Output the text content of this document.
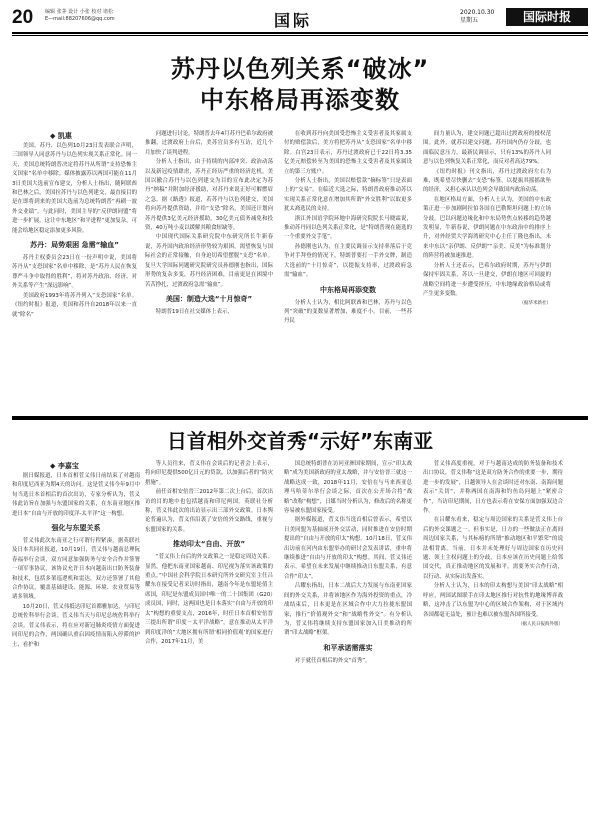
20 编辑 张茅 设计 小张 校对 诸松
E—mail:88207606@qq.com	国际	2020.10.30
星期五	国际时报
苏丹以色列关系“破冰”
中东格局再添变数

◆ 凯惠

美国、苏丹、以色列10月23日发表联合声明，三国领导人同意苏丹与以色列实现关系正常化。同一天，美国总统特朗普决定将苏丹从所谓“支持恐怖主义国家”名单中移除。媒体披露苏以两国可能在11月3日美国大选前宣布建交，分析人士指出，随阿联酋和巴林之后，美国拉苏丹与以色列建交，最直接目的是在即将到来的美国大选前为总统特朗普“再刷一波外交业绩”。与此同时，美国主导的“反伊朗同盟”将进一步扩展，这让中东地区“和平进程”更加复杂，可能会给地区稳定添加更多风险。

苏丹：局势艰困 急需“输血”

苏丹主权委员会23日在一份声明中说，美国将苏丹从“支恐国家”名单中移除，是“苏丹人民在恢复尊严斗争中取得的胜利”，将对苏丹政治、经济、对外关系等产生“深远影响”。

美国政府1993年将苏丹列入“支恐国家”名单。《纽约时报》报道，美国和苏丹自2018年以来一直就“除名”

问题进行讨论。特朗普去年4月苏丹巴希尔政府被推翻，过渡政府上台后，美苏官员多有互访，近几个月加快了谈判进程。

分析人士指出，由于持续的内部冲突、政治动荡以及新冠疫情肆虐，苏丹正经历严重的经济危机。美国以撤合苏丹与以色列建交为目的宣布此决定为苏丹“纳稿”并附加经济援助，对苏丹来说正好可解燃眉之急，据《路透》报道，若苏丹与以色列建交，美国将向苏丹提供资助，并给“支恐”除名，美国还计划向苏丹提供3亿美元经济援助，30亿美元债务减免和投资，40万吨小麦以缓解其粮食短缺等。

中国现代国际关系研究院中东研究所长牛新春说，苏丹国内政治经济形势较为艰困，渴望恢复与国际社会的正常接触，自身迫切希望摆脱“支恐”名单。复旦大学国际问题研究院研究员孙德刚也指出，国际形势的复杂多变，苏丹经济困难，目前更是在困境中苦苦挣扎，过渡政府急需“输血”。

美国：制造大选“十月惊奇”

特朗普19日在社交媒体上表示，

在收到苏丹向美国受恐怖主义受害者及其家属支付的赔偿款后，美方将把苏丹从“支恐国家”名单中移除。白宫23日表示，苏丹过渡政府已于22日将3.35亿美元赔偿转至为美国的恐怖主义受害者及其家属设立的第三方账户。

分析人士指出，美国以赔偿款“摘标签”只是表面上的“交易”，在临近大选之际，特朗普政府推动苏以实现关系正常化意在增加其所谓“外交胜利”以取更多犹太裔选民的支持。

浙江外国语学院环地中海研究院院长马晓霖说，推动苏丹同以色列关系正常化，是“特朗普现在能选的一个重要外交手笔”。

孙德刚也认为，在主要民调显示支持率落后于竞争对手拜登的情况下，特朗普要打一手外交牌，制造大选前的“十月惊奇”，以提振支持率，过渡政府急需“输血”。

中东格局再添变数

分析人士认为，相比阿联酋和巴林，苏丹与以色列“突破”的变数显著增加，难度不小。目前，一些苏丹民

间力量认为，建交问题已超出过渡政府的授权范围。此外，就苏以建交问题，苏丹国内仍存分歧，也面临民意压力，最新民调显示，只有13%的苏丹人同意与以色列恢复关系正常化，而反对者高达79%。

《纽约时报》刊文指出，苏丹过渡政府左右为难，既希望尽快删去“支恐”标签，以提振其摇摇欲坠的经济，又担心承认以色列会导致国内政治动荡。

在地区格局方面，分析人士认为，美国的中东政策正进一步加剧阿拉伯各国在巴勒斯坦问题上的立场分歧，巴以问题边缘化和中东局势焦点转移的趋势越发明显，牛新春说，伊朗问题在中东政治中的排序上升，对外经贸大学海湾研究中心主任丁隆也指出，未来中东以“亲伊朗、反伊朗”“亲美、反美”为标准划分的阵营将被加速推进。

分析人士还表示，巴希尔政府时期，苏丹与伊朗保持牢固关系，苏以一旦建交，伊朗在地区可回旋的战略空间将进一步遭受挤压，中东地缘政治格局或将产生更多变数。

（据华米新社）

日首相外交首秀“示好”东南亚

◆ 李嘉宝

据日媒报道，日本首相菅义伟日前结束了对越南和印度尼西亚为期4天的访问。这是菅义伟今年9月中旬当选日本首相后的首次出访，专家分析认为，菅义伟此访旨在加强与东盟国家的关系，在东南亚地区推进日本“自由与开放的印度洋-太平洋”这一构想。

强化与东盟关系

菅义伟此次东南亚之行可谓行程紧凑，据英联社及日本共同社报道，10月19日，菅义伟与越南总理阮春福举行会谈，双方同意加强防务与安全合作并签署一项军事协议，该协议允许日本向越南出口防务装备和技术，包括多架巡逻机和雷达，双方还签署了其他合作协议，覆盖基础建设、能源、环境、农业贸易等诸多领域。

10月20日，菅义伟抵达印尼首都雅加达，与印尼总统佐科举行会谈。菅义伟当天与印尼总统佐科举行会谈，菅义伟表示，将在应对新冠肺炎疫情方面促进同印尼的合作，两国确认重启因疫情而陷入停滞的护士、看护和

等人员往来，菅义伟在会谈后的记者会上表示，将向印尼提供500亿日元的贷款，以加强后者的“防灾措施”。

前任首相安倍晋三2012年第二次上台后，首次出访的目的地中也包括越南和印尼两国。英联社分析称，菅义伟此次的出访显示出三部外交政策。日本舆论普遍认为，菅义伟沿袭了安倍的外交路线，重视与东盟国家的关系。

推动印太“自由、开放”

“菅义伟上台后的外交政策之一是稳定周边关系。显然，他把东南亚国家越南、印尼视为落实该政策的重点。”中国社会科学院日本研究所外交研究室主任吕耀东在接受记者采访时指出，越南今年是东盟轮值主席国，印尼是东盟成员国中唯一的二十国集团（G20）成员国，同时，这两国也是日本落实“自由与开放的印太”构想的重要支点，2016年，时任日本首相安倍晋三提出所谓“印度－太平洋战略”，意在推动从太平洋到印度洋的“大地区拥有所谓‘相同价值观’的国家进行合作，2017年11月，美

国总统特朗普在访问亚洲国家期间，宣示“印太战略”成为美国新政府的亚太战略，并与安倍晋三就这一战略达成一致，2018年11月，安倍在与马来西亚总理马哈蒂尔举行会谈之际，首次在公开场合将“战略”改称“构想”，日媒当时分析认为，修改后的名称更容易被东盟国家接受。

据外媒报道，菅义伟当选首相后曾表示，希望以日美同盟为基轴展开外交活动，同时推进在安倍时期提出的“自由与开放的印太”构想。10月18日，菅义伟出访前在河内由东盟举办的研讨会发表讲话，重申将继续推进“自由与开放的印太”构想。其间，菅义伟还表示，希望在未来发展中继续推动日东盟关系，有意合作“印太”。

吕耀东指出，日本二战后大力发展与东南亚国家间的外交关系，并将该地区作为海外投资的重点，冷战结束后，日本更是在区域合作中大力拉拢东盟国家，推行“价值观外交”和“战略性外交”。有分析认为，菅义伟将继续支持东盟国家加入日美推动的所谓“印太战略”框架。

和平承诺需落实

对于就任首相后的外交“首秀”，

菅义伟高度重视，对于与越南达成的防务装备和技术出口协议，菅义伟称“这是双方防务合作的重要一步，期待进一步的发展”，日越领导人在会谈时还对东南、南海问题表示“关切”，并称两国在南海和钓鱼岛问题上“紧密合作”，当访印尼期间，日方也表示将在安保方面加强双边合作。

在吕耀东看来，稳定与周边国家的关系是菅义伟上台后的外交课题之一。但事实是，日方的一些做法正在离间周边国家关系，与其标榜的所谓“推动地区和平繁荣”的说法相背离。当前，日本并未处理好与周边国家在历史问题、领土主权问题上的分歧，日本应该在历史问题上给邻国交代，真正推动地区的发展和平，需要务实合作行动，以行动、从实际出发落实。

分析人士认为，日本的印太构想与美国“印太战略”相呼应，两国试图联手在印太地区推行对抗性的地缘博弈战略，这冲击了以东盟为中心的区域合作架构，对于区域内各国都毫无益处，预计也难以被东盟各国所接受。

（据人民日报海外版）
